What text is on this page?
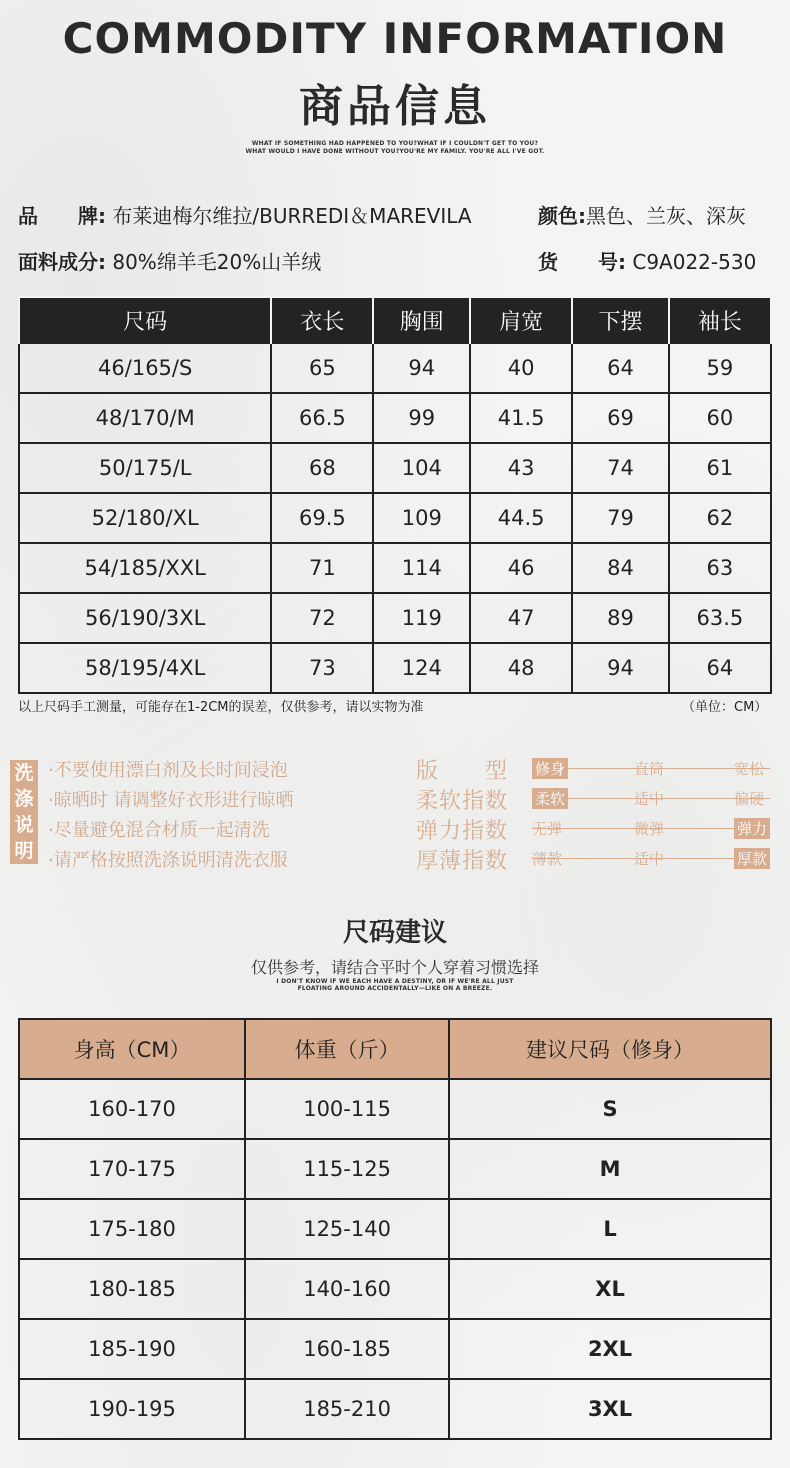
COMMODITY INFORMATION
商品信息
WHAT IF SOMETHING HAD HAPPENED TO YOU?WHAT IF I COULDN'T GET TO YOU?
WHAT WOULD I HAVE DONE WITHOUT YOU?YOU'RE MY FAMILY. YOU'RE ALL I'VE GOT.
品　　牌: 布莱迪梅尔维拉/BURREDI＆MAREVILA	颜色:黑色、兰灰、深灰
面料成分: 80%绵羊毛20%山羊绒	货　　号: C9A022-530
尺码	衣长	胸围	肩宽	下摆	袖长
46/165/S	65	94	40	64	59
48/170/M	66.5	99	41.5	69	60
50/175/L	68	104	43	74	61
52/180/XL	69.5	109	44.5	79	62
54/185/XXL	71	114	46	84	63
56/190/3XL	72	119	47	89	63.5
58/195/4XL	73	124	48	94	64
以上尺码手工测量，可能存在1-2CM的误差，仅供参考，请以实物为准	（单位：CM）
洗涤说明
·不要使用漂白剂及长时间浸泡
·晾晒时 请调整好衣形进行晾晒
·尽量避免混合材质一起清洗
·请严格按照洗涤说明清洗衣服
版　　型 修身	直筒	宽松
柔软指数 柔软	适中	偏硬
弹力指数 无弹	微弹	弹力
厚薄指数 薄款	适中	厚款
尺码建议
仅供参考，请结合平时个人穿着习惯选择
I DON'T KNOW IF WE EACH HAVE A DESTINY, OR IF WE'RE ALL JUST
FLOATING AROUND ACCIDENTALLY—LIKE ON A BREEZE.
身高（CM）	体重（斤）	建议尺码（修身）
160-170	100-115	S
170-175	115-125	M
175-180	125-140	L
180-185	140-160	XL
185-190	160-185	2XL
190-195	185-210	3XL
